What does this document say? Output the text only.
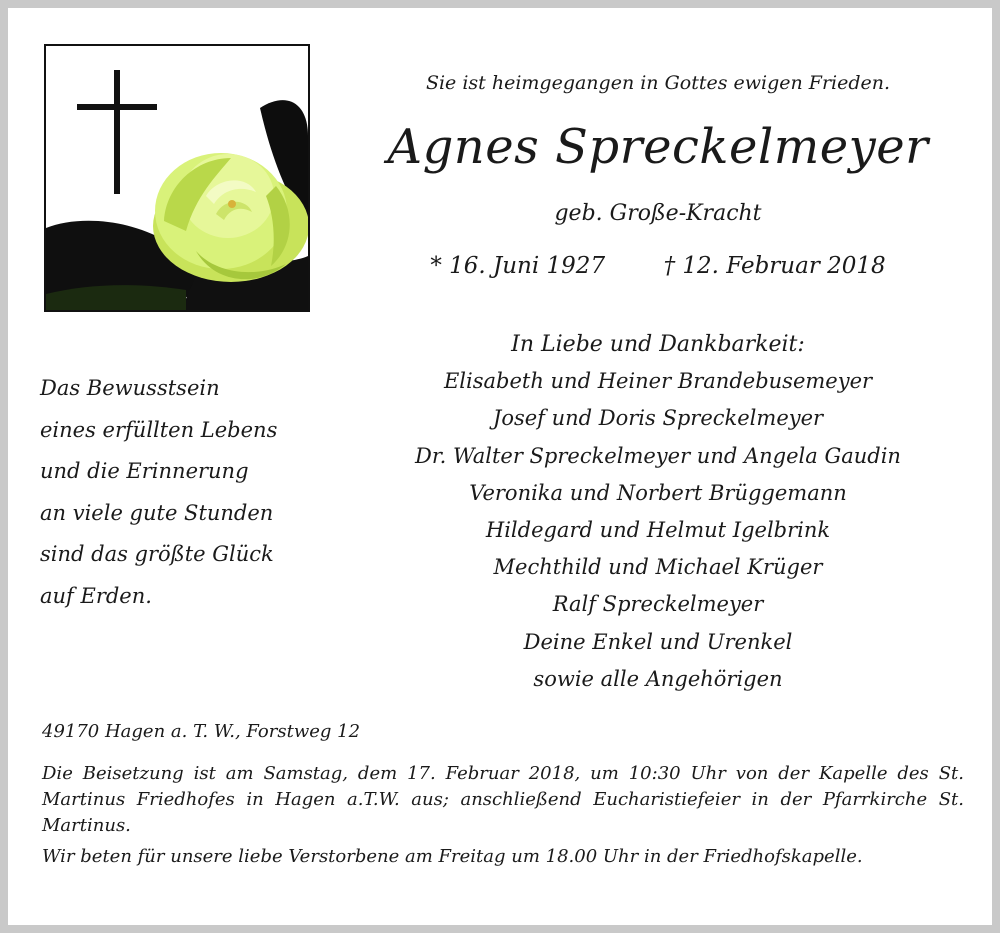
Sie ist heimgegangen in Gottes ewigen Frieden.
Agnes Spreckelmeyer
geb. Große-Kracht
* 16. Juni 1927        † 12. Februar 2018
Das Bewusstsein
eines erfüllten Lebens
und die Erinnerung
an viele gute Stunden
sind das größte Glück
auf Erden.
In Liebe und Dankbarkeit:
Elisabeth und Heiner Brandebusemeyer
Josef und Doris Spreckelmeyer
Dr. Walter Spreckelmeyer und Angela Gaudin
Veronika und Norbert Brüggemann
Hildegard und Helmut Igelbrink
Mechthild und Michael Krüger
Ralf Spreckelmeyer
Deine Enkel und Urenkel
sowie alle Angehörigen
49170 Hagen a. T. W., Forstweg 12
Die Beisetzung ist am Samstag, dem 17. Februar 2018, um 10:30 Uhr von der Kapelle des St. Martinus Friedhofes in Hagen a.T.W. aus; anschließend Eucharistiefeier in der Pfarrkirche St. Martinus.
Wir beten für unsere liebe Verstorbene am Freitag um 18.00 Uhr in der Friedhofskapelle.
